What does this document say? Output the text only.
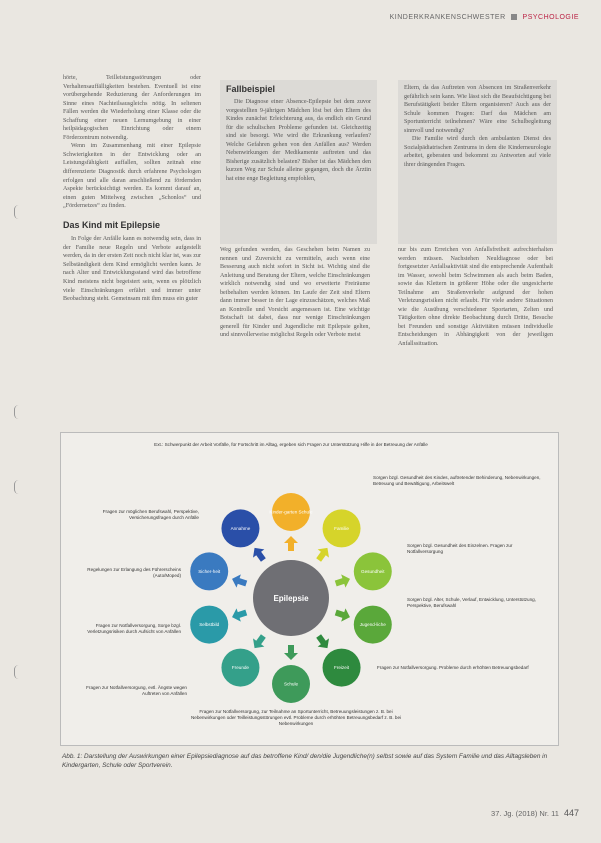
KINDERKRANKENSCHWESTER PSYCHOLOGIE

hörte, Teilleistungsstörungen oder Verhaltensauffälligkeiten bestehen. Eventuell ist eine vorübergehende Reduzierung der Anforderungen im Sinne eines Nachteilsausgleichs nötig. In seltenen Fällen werden die Wiederholung einer Klasse oder die Schaffung einer neuen Lernumgebung in einer heilpädagogischen Einrichtung oder einem Förderzentrum notwendig.

Wenn im Zusammenhang mit einer Epilepsie Schwierigkeiten in der Entwicklung oder an Leistungsfähigkeit auffallen, sollten zeitnah eine differenzierte Diagnostik durch erfahrene Psychologen erfolgen und alle daran anschließend zu fördernden Aspekte berücksichtigt werden. Es kommt darauf an, einen guten Mittelweg zwischen „Schonlos“ und „Fördernetzes“ zu finden.

Das Kind mit Epilepsie

In Folge der Anfälle kann es notwendig sein, dass in der Familie neue Regeln und Verbote aufgestellt werden, da in der ersten Zeit noch nicht klar ist, was zur Selbständigkeit dem Kind ermöglicht werden kann. Je nach Alter und Entwicklungsstand wird das betroffene Kind meistens nicht begeistert sein, wenn es plötzlich viele Einschränkungen erfährt und immer unter Beobachtung steht. Gemeinsam mit ihm muss ein guter

Fallbeispiel
Die Diagnose einer Absence-Epilepsie bei dem zuvor vorgestellten 9-jährigen Mädchen löst bei den Eltern des Kindes zunächst Erleichterung aus, da endlich ein Grund für die schulischen Probleme gefunden ist. Gleichzeitig sind sie besorgt. Wie wird die Erkrankung verlaufen? Welche Gefahren gehen von den Anfällen aus? Werden Nebenwirkungen der Medikamente auftreten und das Bisherige zusätzlich belasten? Bisher ist das Mädchen den kurzen Weg zur Schule alleine gegangen, doch die Ärztin hat eine enge Begleitung empfohlen,

Eltern, da das Auftreten von Absencen im Straßenverkehr gefährlich sein kann. Wie lässt sich die Beaufsichtigung bei Berufstätigkeit beider Eltern organisieren? Auch aus der Schule kommen Fragen: Darf das Mädchen am Sportunterricht teilnehmen? Wäre eine Schulbegleitung sinnvoll und notwendig?

Die Familie wird durch den ambulanten Dienst des Sozialpädiatrischen Zentrums in dem die Kinderneurologie arbeitet, geberaten und bekommt zu Antworten auf viele ihrer drängenden Fragen.

Weg gefunden werden, das Geschehen beim Namen zu nennen und Zuversicht zu vermitteln, auch wenn eine Besserung auch nicht sofort in Sicht ist. Wichtig sind die Anleitung und Beratung der Eltern, welche Einschränkungen wirklich notwendig sind und wo erweiterte Freiräume beibehalten werden können. Im Laufe der Zeit sind Eltern dann immer besser in der Lage einzuschätzen, welches Maß an Kontrolle und Vorsicht angemessen ist. Eine wichtige Botschaft ist dabei, dass nur wenige Einschränkungen generell für Kinder und Jugendliche mit Epilepsie gelten, und sinnvollerweise möglichst Regeln oder Verbote meist

nur bis zum Erreichen von Anfallsfreiheit aufrechterhalten werden müssen. Nachstehen Neuldiagnose oder bei fortgesetzter Anfallsaktivität sind die entsprechende Aufenthalt im Wasser, sowohl beim Schwimmen als auch beim Baden, sowie das Klettern in größerer Höhe oder die ungesicherte Teilnahme am Straßenverkehr aufgrund der hohen Verletzungsrisiken nicht erlaubt. Für viele andere Situationen wie die Ausübung verschiedener Sportarten, Zelten und Tätigkeiten ohne direkte Beobachtung durch Dritte, Besuche bei Freunden und sonstige Aktivitäten müssen individuelle Entscheidungen in Abhängigkeit von der jeweiligen Anfallssituation.

Kinder-garten Schule
Familie
Gesundheit
Jugend-liche
Freizeit
Schule
Freunde
Selbstbild
Sicher-heit
Annahme
Epilepsie
Ext.: Schwerpunkt der Arbeit Vorfälle, für Fortschritt im Alltag, ergeben sich Fragen zur Unterstützung Hilfe in der Betreuung der Anfälle
Sorgen bzgl. Gesundheit des Kindes, auftretender Behinderung, Nebenwirkungen, Betreuung und Bewältigung, Arbeitswelt
Sorgen bzgl. Gesundheit des Einzelnen. Fragen zur Notfallversorgung
Sorgen bzgl. Alter, Schule, Verlauf, Entwicklung, Unterstützung, Perspektive, Berufswahl
Fragen zur Notfallversorgung. Probleme durch erhöhten Betreuungsbedarf
Fragen zur Notfallversorgung, zur Teilnahme an Sportunterricht, Betreuungsleistungen z. B. bei Nebenwirkungen oder Teilleistungsstörungen evtl. Probleme durch erhöhten Betreuungsbedarf z. B. bei Nebenwirkungen
Fragen zur möglichen Berufswahl, Perspektive, Versicherungsfragen durch Anfälle
Regelungen zur Erlangung des Führerscheins (Auto/Moped)
Fragen zur Notfallversorgung, Sorge bzgl. Verletzungsrisiken durch Aufsicht von Anfällen
Fragen zur Notfallversorgung, evtl. Ängste wegen Auftreten von Anfällen
Abb. 1: Darstellung der Auswirkungen einer Epilepsiediagnose auf das betroffene Kind/ den/die Jugendliche(n) selbst sowie auf das System Familie und das Alltagsleben in Kindergarten, Schule oder Sportverein.
37. Jg. (2018) Nr. 11 447
